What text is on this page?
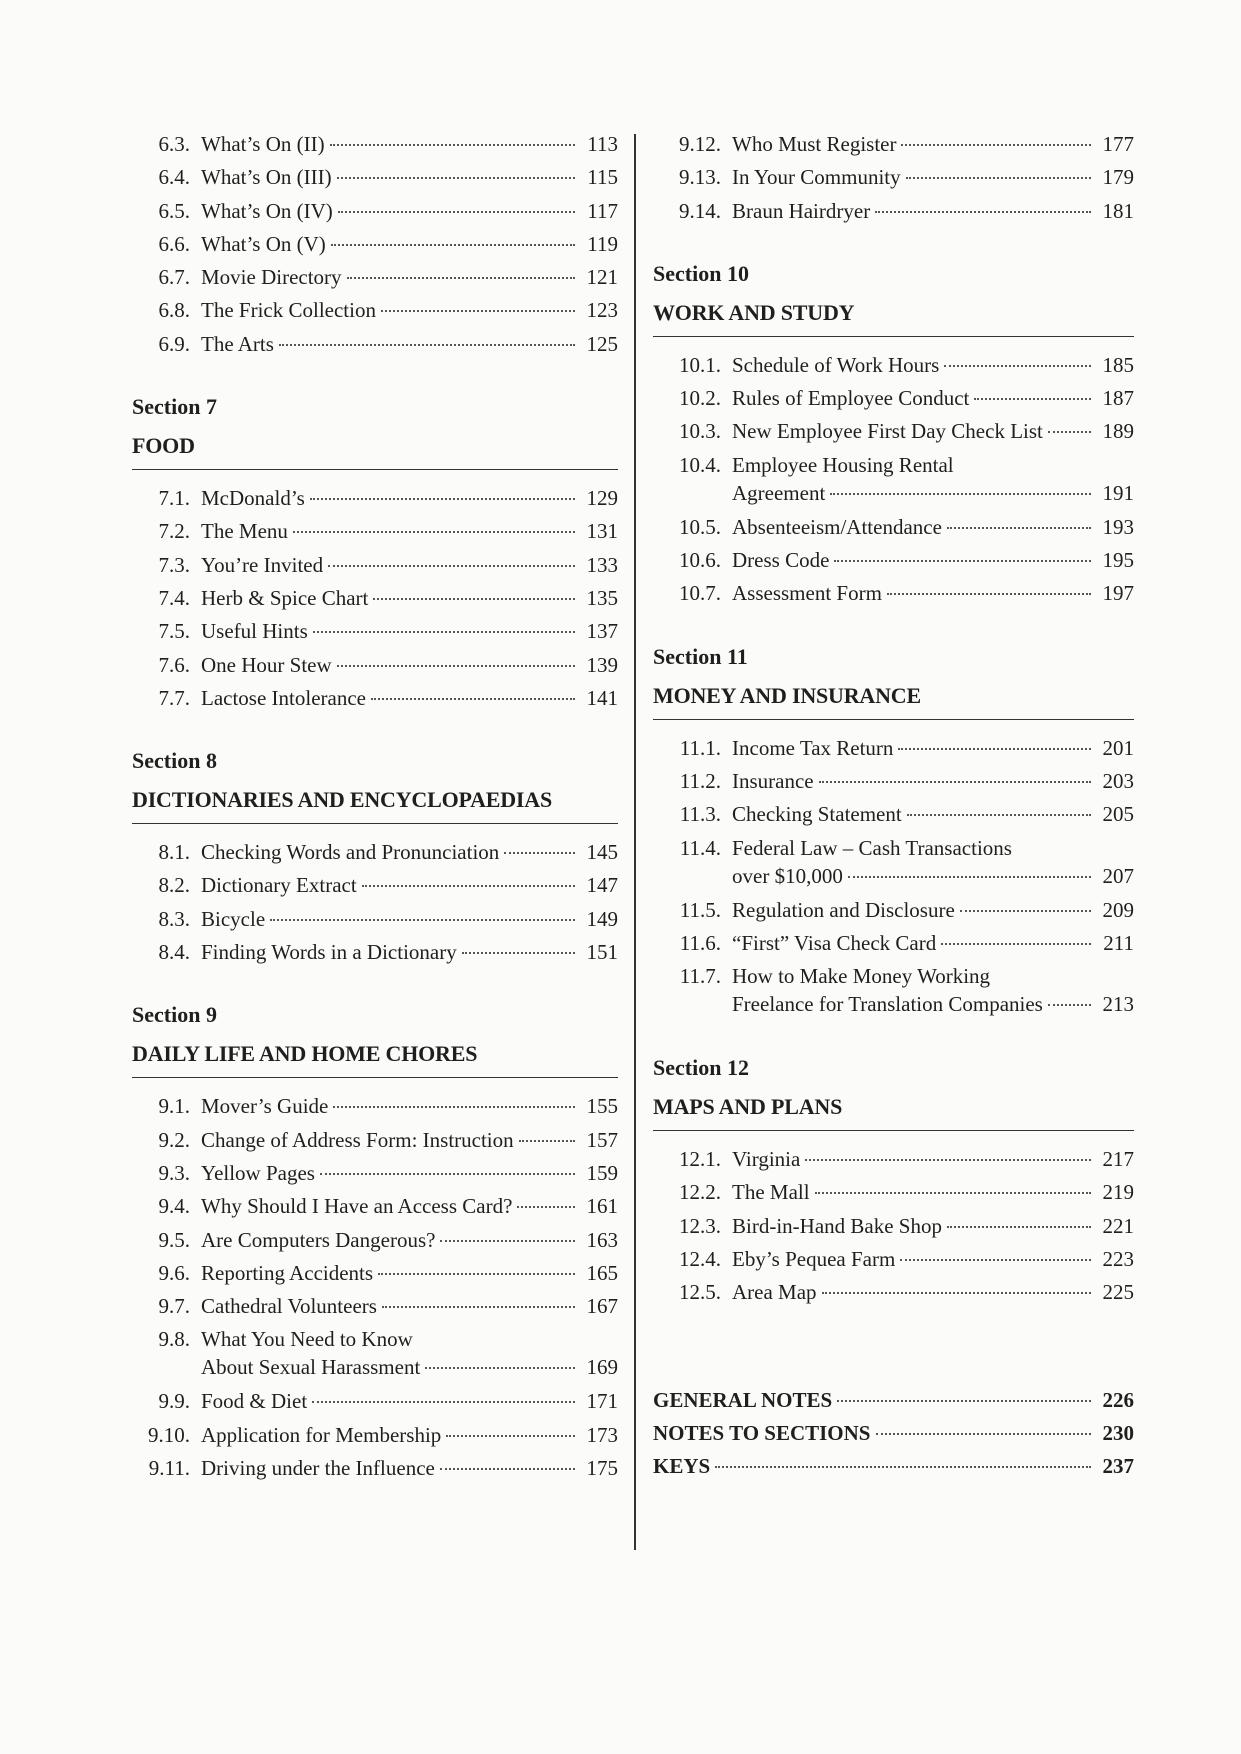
6.3. What’s On (II)	113
6.4. What’s On (III)	115
6.5. What’s On (IV)	117
6.6. What’s On (V)	119
6.7. Movie Directory	121
6.8. The Frick Collection	123
6.9. The Arts	125
Section 7
FOOD
7.1. McDonald’s	129
7.2. The Menu	131
7.3. You’re Invited	133
7.4. Herb & Spice Chart	135
7.5. Useful Hints	137
7.6. One Hour Stew	139
7.7. Lactose Intolerance	141
Section 8
DICTIONARIES AND ENCYCLOPAEDIAS
8.1. Checking Words and Pronunciation	145
8.2. Dictionary Extract	147
8.3. Bicycle	149
8.4. Finding Words in a Dictionary	151
Section 9
DAILY LIFE AND HOME CHORES
9.1. Mover’s Guide	155
9.2. Change of Address Form: Instruction	157
9.3. Yellow Pages	159
9.4. Why Should I Have an Access Card?	161
9.5. Are Computers Dangerous?	163
9.6. Reporting Accidents	165
9.7. Cathedral Volunteers	167
9.8. What You Need to Know
About Sexual Harassment	169
9.9. Food & Diet	171
9.10. Application for Membership	173
9.11. Driving under the Influence	175
9.12. Who Must Register	177
9.13. In Your Community	179
9.14. Braun Hairdryer	181
Section 10
WORK AND STUDY
10.1. Schedule of Work Hours	185
10.2. Rules of Employee Conduct	187
10.3. New Employee First Day Check List	189
10.4. Employee Housing Rental
Agreement	191
10.5. Absenteeism/Attendance	193
10.6. Dress Code	195
10.7. Assessment Form	197
Section 11
MONEY AND INSURANCE
11.1. Income Tax Return	201
11.2. Insurance	203
11.3. Checking Statement	205
11.4. Federal Law – Cash Transactions
over $10,000	207
11.5. Regulation and Disclosure	209
11.6. “First” Visa Check Card	211
11.7. How to Make Money Working
Freelance for Translation Companies	213
Section 12
MAPS AND PLANS
12.1. Virginia	217
12.2. The Mall	219
12.3. Bird-in-Hand Bake Shop	221
12.4. Eby’s Pequea Farm	223
12.5. Area Map	225
GENERAL NOTES	226
NOTES TO SECTIONS	230
KEYS	237
